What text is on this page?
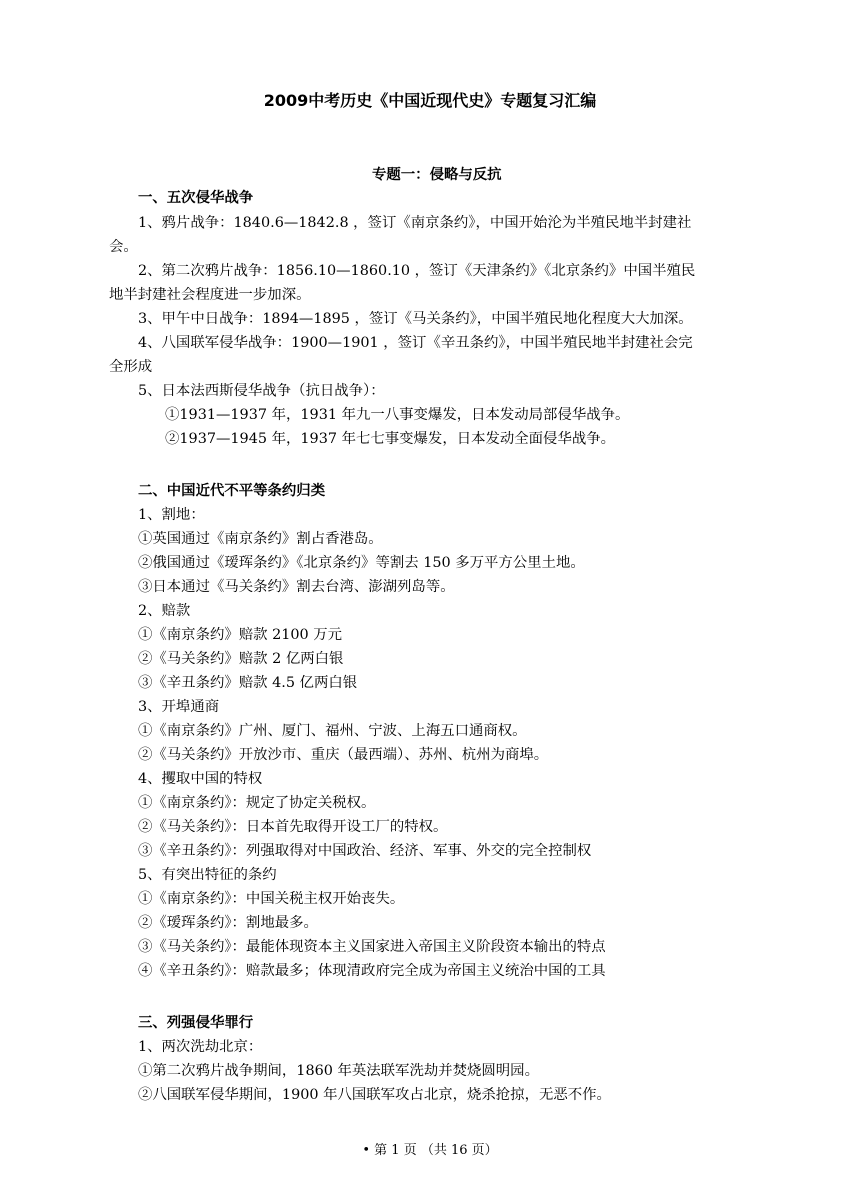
2009中考历史《中国近现代史》专题复习汇编
专题一：侵略与反抗
一、五次侵华战争
1、鸦片战争：1840.6—1842.8 ，签订《南京条约》，中国开始沦为半殖民地半封建社
会。
2、第二次鸦片战争：1856.10—1860.10 ，签订《天津条约》《北京条约》中国半殖民
地半封建社会程度进一步加深。
3、甲午中日战争：1894—1895 ，签订《马关条约》，中国半殖民地化程度大大加深。
4、八国联军侵华战争：1900—1901 ，签订《辛丑条约》，中国半殖民地半封建社会完
全形成
5、日本法西斯侵华战争（抗日战争）：
①1931—1937 年，1931 年九一八事变爆发，日本发动局部侵华战争。
②1937—1945 年，1937 年七七事变爆发，日本发动全面侵华战争。
二、中国近代不平等条约归类
1、割地：
①英国通过《南京条约》割占香港岛。
②俄国通过《瑷珲条约》《北京条约》等割去 150 多万平方公里土地。
③日本通过《马关条约》割去台湾、澎湖列岛等。
2、赔款
①《南京条约》赔款 2100 万元
②《马关条约》赔款 2 亿两白银
③《辛丑条约》赔款 4.5 亿两白银
3、开埠通商
①《南京条约》广州、厦门、福州、宁波、上海五口通商权。
②《马关条约》开放沙市、重庆（最西端）、苏州、杭州为商埠。
4、攫取中国的特权
①《南京条约》：规定了协定关税权。
②《马关条约》：日本首先取得开设工厂的特权。
③《辛丑条约》：列强取得对中国政治、经济、军事、外交的完全控制权
5、有突出特征的条约
①《南京条约》：中国关税主权开始丧失。
②《瑷珲条约》：割地最多。
③《马关条约》：最能体现资本主义国家进入帝国主义阶段资本输出的特点
④《辛丑条约》：赔款最多；体现清政府完全成为帝国主义统治中国的工具
三、列强侵华罪行
1、两次洗劫北京：
①第二次鸦片战争期间，1860 年英法联军洗劫并焚烧圆明园。
②八国联军侵华期间，1900 年八国联军攻占北京，烧杀抢掠，无恶不作。
• 第 1 页 （共 16 页）
